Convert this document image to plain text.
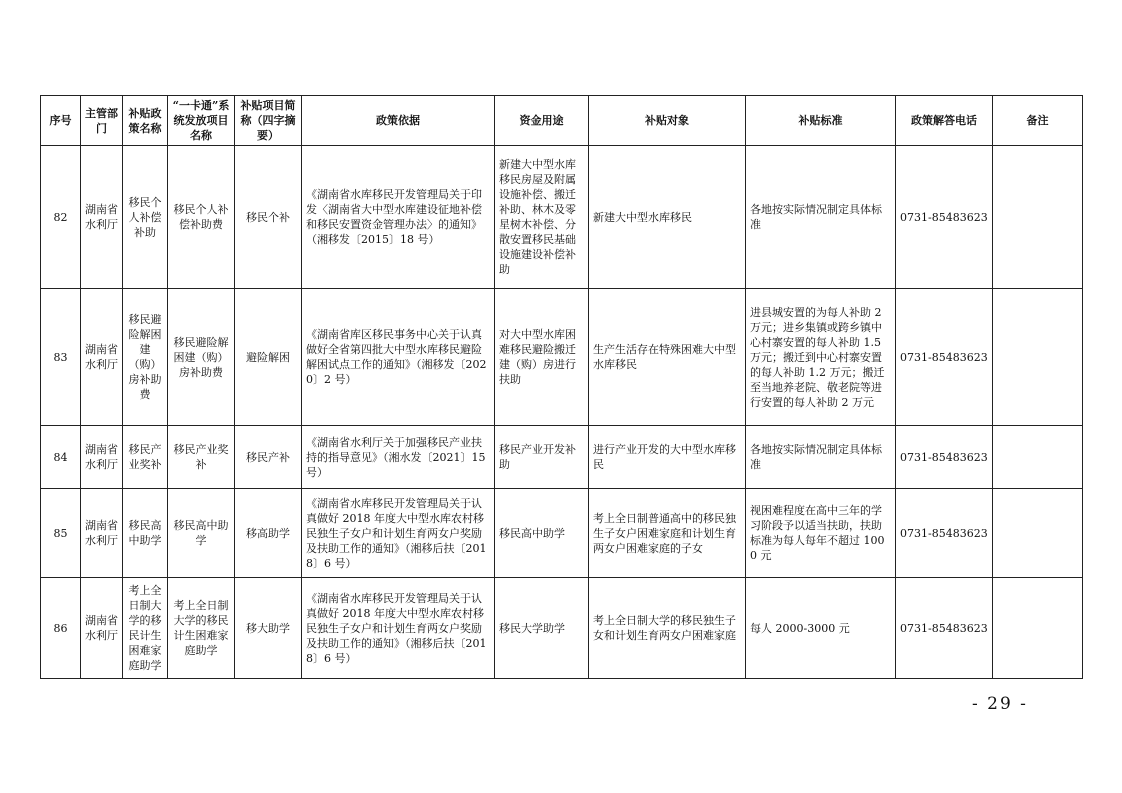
序号	主管部门	补贴政策名称	“一卡通”系统发放项目名称	补贴项目简称（四字摘要）	政策依据	资金用途	补贴对象	补贴标准	政策解答电话	备注
82	湖南省水利厅	移民个人补偿补助	移民个人补偿补助费	移民个补	《湖南省水库移民开发管理局关于印发〈湖南省大中型水库建设征地补偿和移民安置资金管理办法〉的通知》（湘移发〔2015〕18 号）	新建大中型水库移民房屋及附属设施补偿、搬迁补助、林木及零星树木补偿、分散安置移民基础设施建设补偿补助	新建大中型水库移民	各地按实际情况制定具体标准	0731-85483623	
83	湖南省水利厅	移民避险解困建（购）房补助费	移民避险解困建（购）房补助费	避险解困	《湖南省库区移民事务中心关于认真做好全省第四批大中型水库移民避险解困试点工作的通知》（湘移发〔2020〕2 号）	对大中型水库困难移民避险搬迁建（购）房进行扶助	生产生活存在特殊困难大中型水库移民	进县城安置的为每人补助 2 万元；进乡集镇或跨乡镇中心村寨安置的每人补助 1.5 万元；搬迁到中心村寨安置的每人补助 1.2 万元；搬迁至当地养老院、敬老院等进行安置的每人补助 2 万元	0731-85483623	
84	湖南省水利厅	移民产业奖补	移民产业奖补	移民产补	《湖南省水利厅关于加强移民产业扶持的指导意见》（湘水发〔2021〕15 号）	移民产业开发补助	进行产业开发的大中型水库移民	各地按实际情况制定具体标准	0731-85483623	
85	湖南省水利厅	移民高中助学	移民高中助学	移高助学	《湖南省水库移民开发管理局关于认真做好 2018 年度大中型水库农村移民独生子女户和计划生育两女户奖励及扶助工作的通知》（湘移后扶〔2018〕6 号）	移民高中助学	考上全日制普通高中的移民独生子女户困难家庭和计划生育两女户困难家庭的子女	视困难程度在高中三年的学习阶段予以适当扶助，扶助标准为每人每年不超过 1000 元	0731-85483623	
86	湖南省水利厅	考上全日制大学的移民计生困难家庭助学	考上全日制大学的移民计生困难家庭助学	移大助学	《湖南省水库移民开发管理局关于认真做好 2018 年度大中型水库农村移民独生子女户和计划生育两女户奖励及扶助工作的通知》（湘移后扶〔2018〕6 号）	移民大学助学	考上全日制大学的移民独生子女和计划生育两女户困难家庭	每人 2000-3000 元	0731-85483623	
- 29 -
